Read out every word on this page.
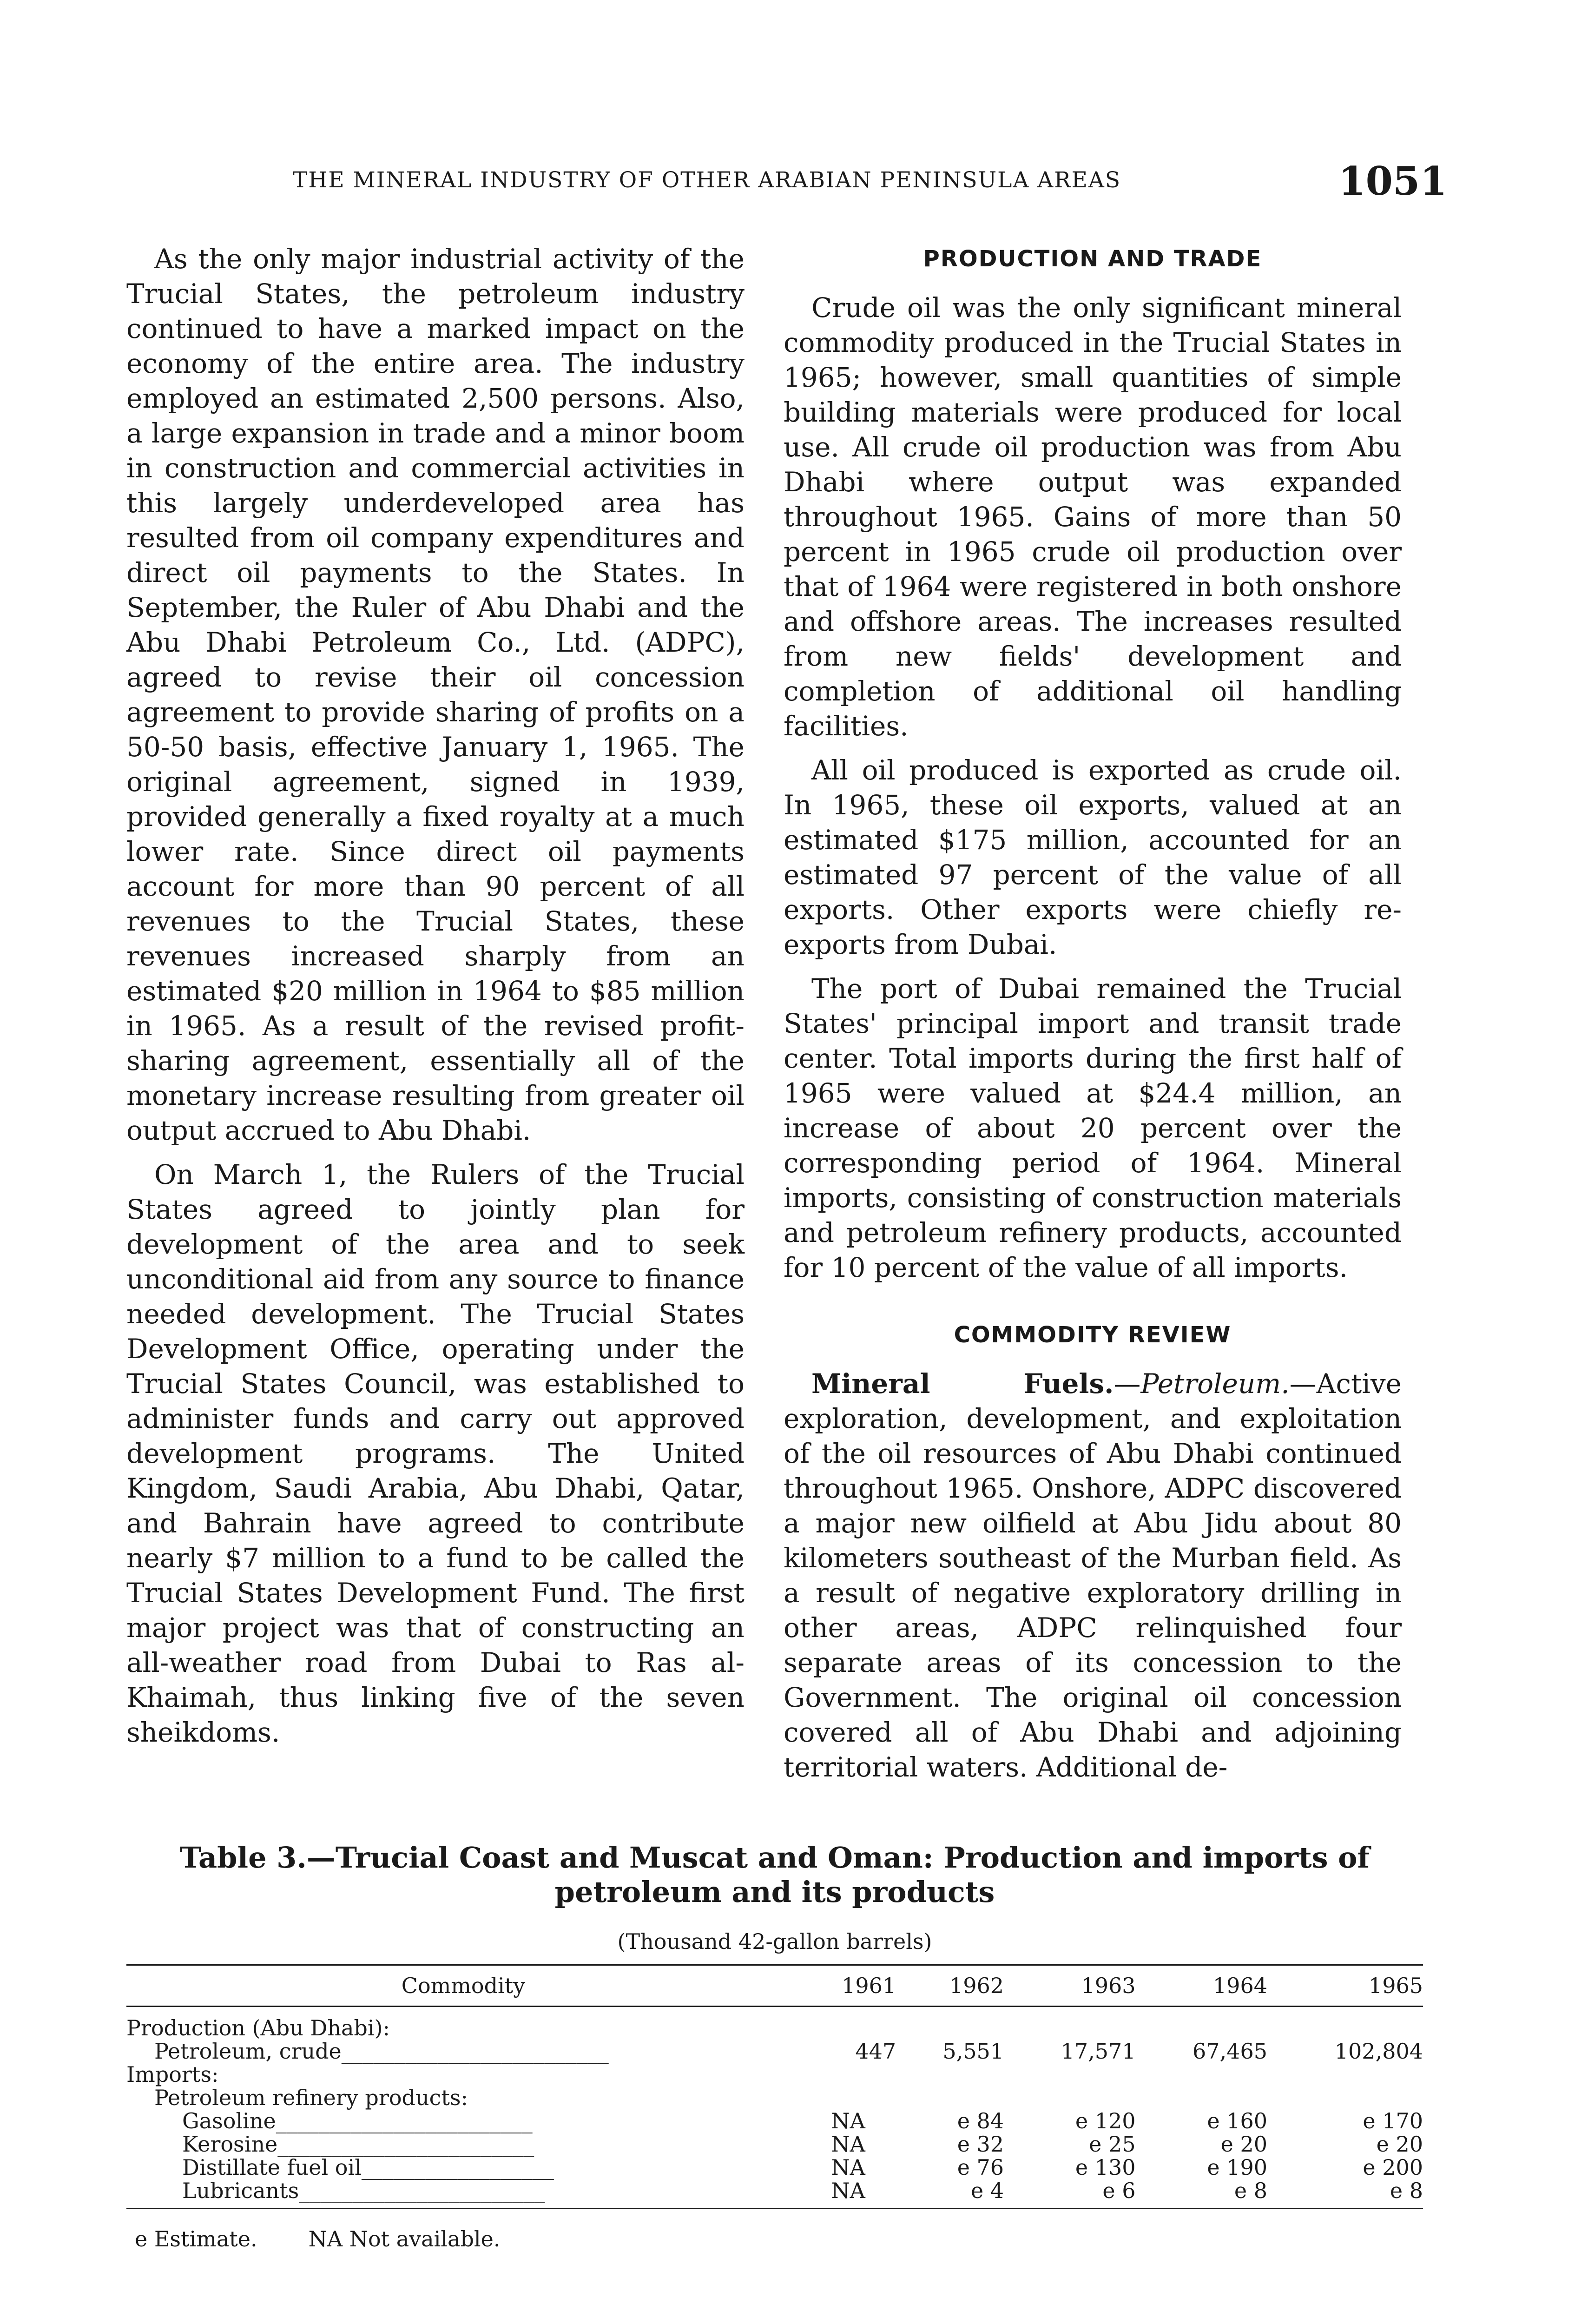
THE MINERAL INDUSTRY OF OTHER ARABIAN PENINSULA AREAS	1051

As the only major industrial activity of the Trucial States, the petroleum industry continued to have a marked impact on the economy of the entire area. The industry employed an estimated 2,500 persons. Also, a large expansion in trade and a minor boom in construction and commercial activities in this largely underdeveloped area has resulted from oil company expenditures and direct oil payments to the States. In September, the Ruler of Abu Dhabi and the Abu Dhabi Petroleum Co., Ltd. (ADPC), agreed to revise their oil concession agreement to provide sharing of profits on a 50-50 basis, effective January 1, 1965. The original agreement, signed in 1939, provided generally a fixed royalty at a much lower rate. Since direct oil payments account for more than 90 percent of all revenues to the Trucial States, these revenues increased sharply from an estimated $20 million in 1964 to $85 million in 1965. As a result of the revised profit-sharing agreement, essentially all of the monetary increase resulting from greater oil output accrued to Abu Dhabi.

On March 1, the Rulers of the Trucial States agreed to jointly plan for development of the area and to seek unconditional aid from any source to finance needed development. The Trucial States Development Office, operating under the Trucial States Council, was established to administer funds and carry out approved development programs. The United Kingdom, Saudi Arabia, Abu Dhabi, Qatar, and Bahrain have agreed to contribute nearly $7 million to a fund to be called the Trucial States Development Fund. The first major project was that of constructing an all-weather road from Dubai to Ras al-Khaimah, thus linking five of the seven sheikdoms.

PRODUCTION AND TRADE

Crude oil was the only significant mineral commodity produced in the Trucial States in 1965; however, small quantities of simple building materials were produced for local use. All crude oil production was from Abu Dhabi where output was expanded throughout 1965. Gains of more than 50 percent in 1965 crude oil production over that of 1964 were registered in both onshore and offshore areas. The increases resulted from new fields' development and completion of additional oil handling facilities.

All oil produced is exported as crude oil. In 1965, these oil exports, valued at an estimated $175 million, accounted for an estimated 97 percent of the value of all exports. Other exports were chiefly re-exports from Dubai.

The port of Dubai remained the Trucial States' principal import and transit trade center. Total imports during the first half of 1965 were valued at $24.4 million, an increase of about 20 percent over the corresponding period of 1964. Mineral imports, consisting of construction materials and petroleum refinery products, accounted for 10 percent of the value of all imports.

COMMODITY REVIEW

Mineral Fuels.—Petroleum.—Active exploration, development, and exploitation of the oil resources of Abu Dhabi continued throughout 1965. Onshore, ADPC discovered a major new oilfield at Abu Jidu about 80 kilometers southeast of the Murban field. As a result of negative exploratory drilling in other areas, ADPC relinquished four separate areas of its concession to the Government. The original oil concession covered all of Abu Dhabi and adjoining territorial waters. Additional de-

Table 3.—Trucial Coast and Muscat and Oman: Production and imports of
petroleum and its products
(Thousand 42-gallon barrels)
Commodity	1961	1962	1963	1964	1965
Production (Abu Dhabi):					
Petroleum, crude_________________________	447	5,551	17,571	67,465	102,804
Imports:					
Petroleum refinery products:					
Gasoline________________________	NA	e 84	e 120	e 160	e 170
Kerosine________________________	NA	e 32	e 25	e 20	e 20
Distillate fuel oil__________________	NA	e 76	e 130	e 190	e 200
Lubricants_______________________	NA	e 4	e 6	e 8	e 8
e Estimate. NA Not available.
